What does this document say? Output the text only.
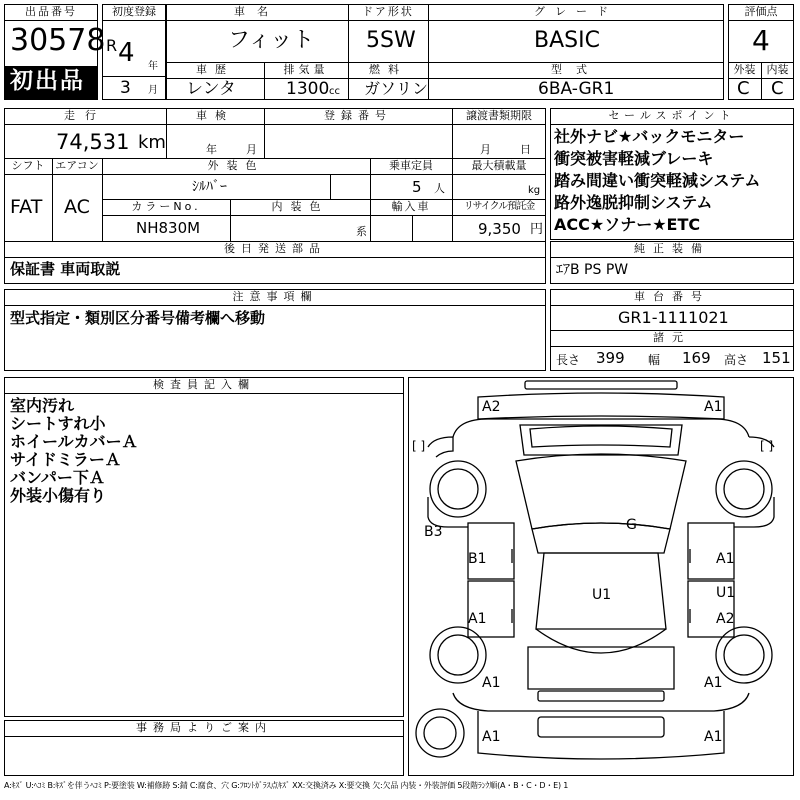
出品番号
30578
初出品
初度登録
R 4 年
3 月
車名
フィット
ドア形状
5SW
グレード
BASIC
車歴
レンタ
排気量
1300 cc
燃料
ガソリン
型式
6BA-GR1
評価点
4
外装	内装
C C
走行
74,531 km
車検
年	月
登録番号	譲渡書類期限
月	日
シフト
FAT
エアコン
AC
外装色
ｼﾙﾊﾞｰ
乗車定員
5 人
最大積載量
kg
カラーNo.
NH830M
内装色
系
輸入車	リサイクル預託金
9,350 円
後日発送部品
保証書 車両取説
セールスポイント
社外ナビ★バックモニター
衝突被害軽減ブレーキ
踏み間違い衝突軽減システム
路外逸脱抑制システム
ACC★ソナー★ETC
純正装備
ｴｱB PS PW
注意事項欄
型式指定・類別区分番号備考欄へ移動
車台番号
GR1-1111021
諸元
長さ 399 幅 169 高さ 151
検査員記入欄
室内汚れ
シートすれ小
ホイールカバーＡ
サイドミラーＡ
バンパー下Ａ
外装小傷有り
事務局よりご案内
A2	A1
[ ]	[ ]
B3	G
B1	A1
U1	U1
A1	A2
A1	A1
A1	A1
A:ｷｽﾞ U:ﾍｺﾐ B:ｷｽﾞを伴うﾍｺﾐ P:要塗装 W:補修跡 S:錆 C:腐食、穴 G:ﾌﾛﾝﾄｶﾞﾗｽ点ｷｽﾞ XX:交換済み X:要交換 欠:欠品 内装・外装評価 5段階ﾗﾝｸ順(A・B・C・D・E) 1
